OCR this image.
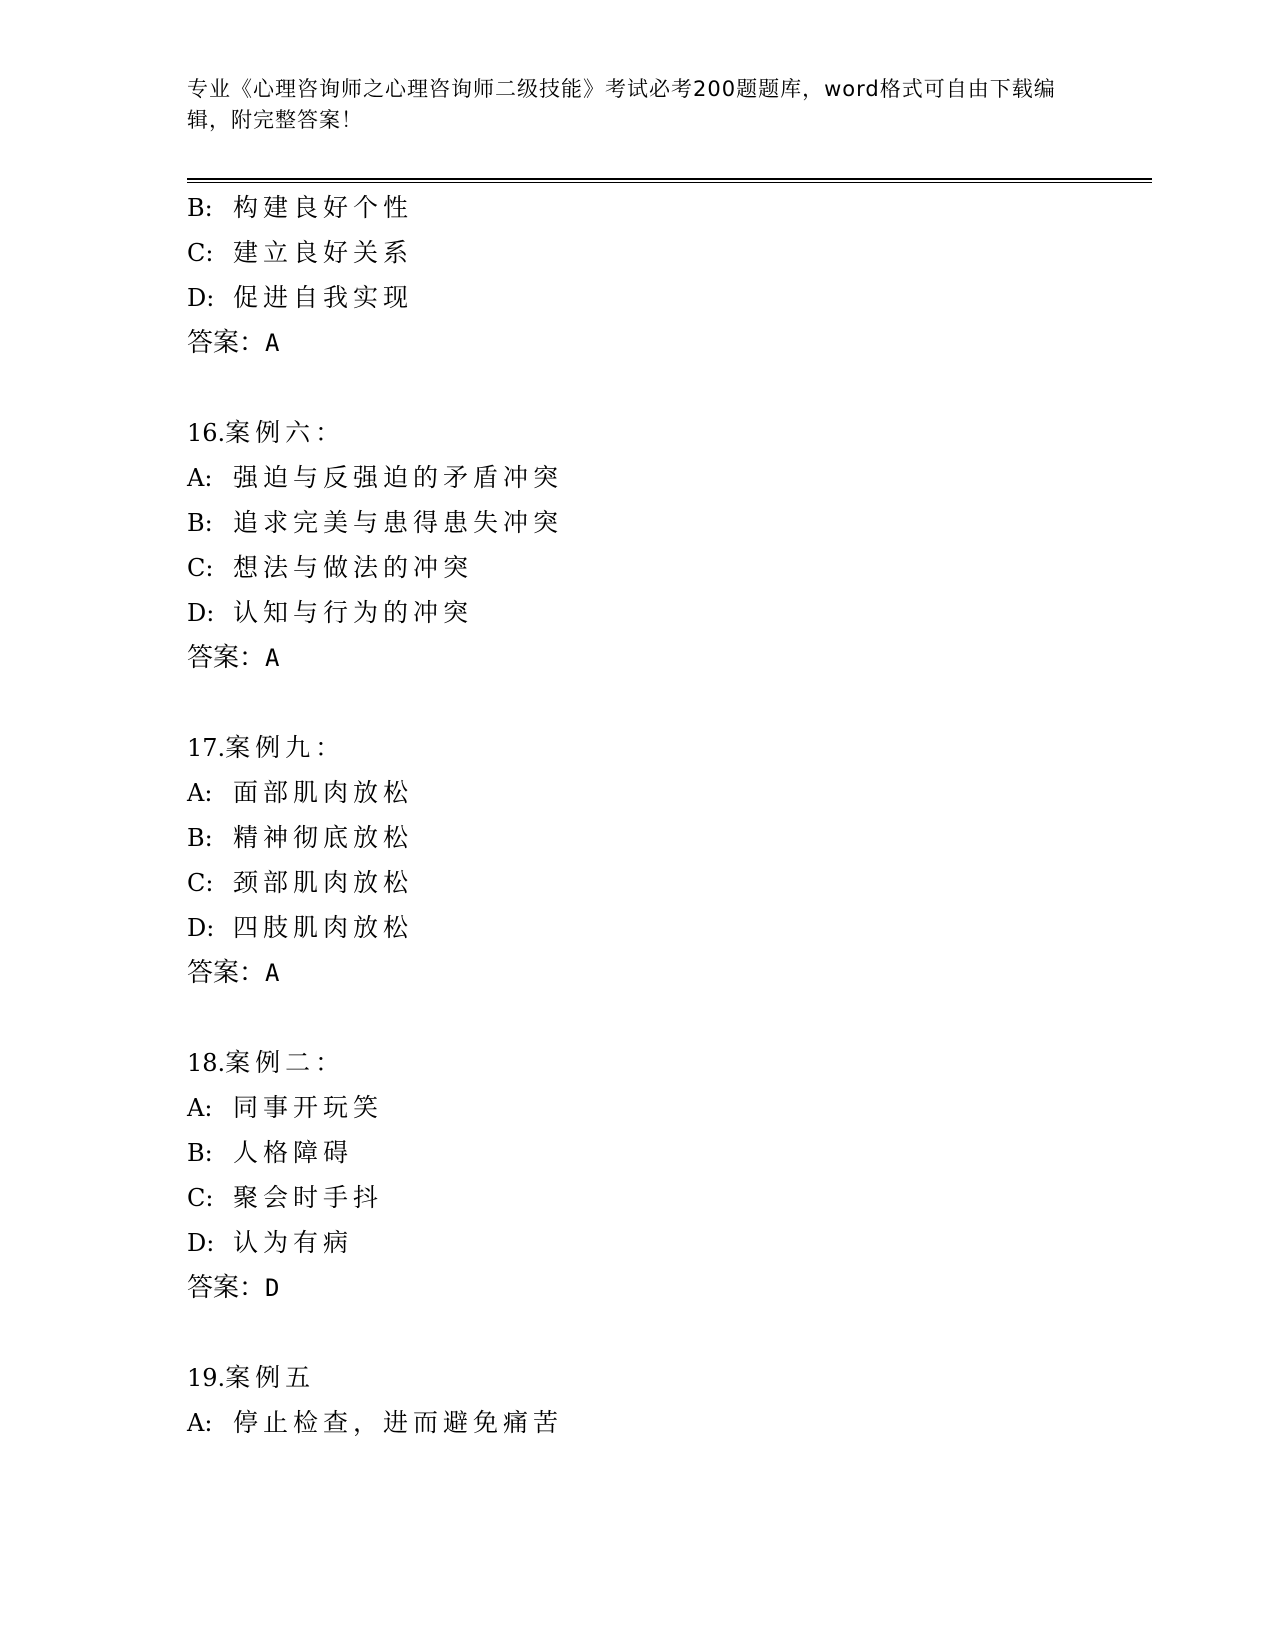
专业《心理咨询师之心理咨询师二级技能》考试必考200题题库，word格式可自由下载编辑，附完整答案！
B: 构建良好个性
C: 建立良好关系
D: 促进自我实现
答案：A
16.案例六：
A: 强迫与反强迫的矛盾冲突
B: 追求完美与患得患失冲突
C: 想法与做法的冲突
D: 认知与行为的冲突
答案：A
17.案例九：
A: 面部肌肉放松
B: 精神彻底放松
C: 颈部肌肉放松
D: 四肢肌肉放松
答案：A
18.案例二：
A: 同事开玩笑
B: 人格障碍
C: 聚会时手抖
D: 认为有病
答案：D
19.案例五
A: 停止检查，进而避免痛苦
